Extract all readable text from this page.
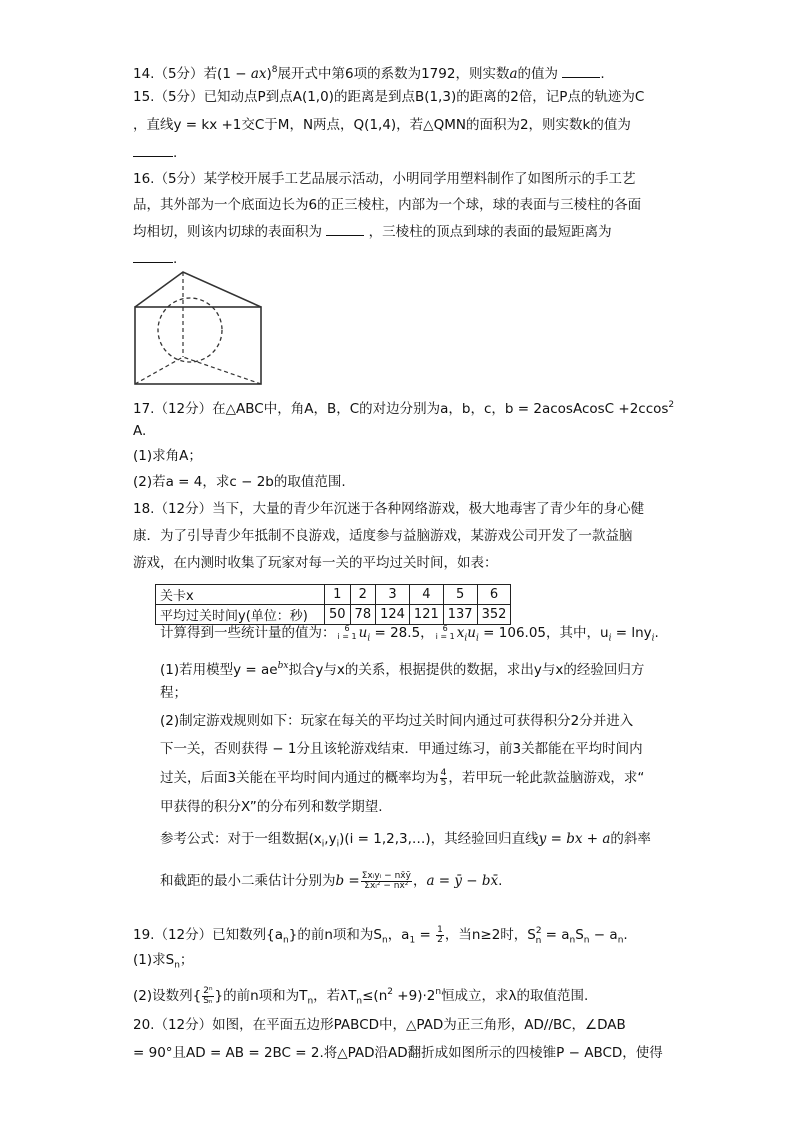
14.（5分）若(1 − ax)$^8$展开式中第6项的系数为1792，则实数a的值为	.
15.（5分）已知动点P到点A(1,0)的距离是到点B(1,3)的距离的2倍，记P点的轨迹为C
，直线y = kx +1交C于M，N两点，Q(1,4)，若△QMN的面积为2，则实数k的值为
.
16.（5分）某学校开展手工艺品展示活动，小明同学用塑料制作了如图所示的手工艺
品，其外部为一个底面边长为6的正三棱柱，内部为一个球，球的表面与三棱柱的各面
均相切，则该内切球的表面积为	，三棱柱的顶点到球的表面的最短距离为
.
17.（12分）在△ABC中，角A，B，C的对边分别为a，b，c，b = 2acosAcosC +2ccos$^2$
A.
(1)求角A；
(2)若a = 4，求c − 2b的取值范围.
18.（12分）当下，大量的青少年沉迷于各种网络游戏，极大地毒害了青少年的身心健
康．为了引导青少年抵制不良游戏，适度参与益脑游戏，某游戏公司开发了一款益脑
游戏，在内测时收集了玩家对每一关的平均过关时间，如表：
关卡x	1	2	3	4	5	6
平均过关时间y(单位：秒)	50	78	124	121	137	352
计算得到一些统计量的值为： 6
i = 1 $u_i = 28.5$， 6
i = 1 $x_iu_i = 106.05$，其中，$u_i = \ln y_i$.
(1)若用模型$y = ae^{bx}$拟合y与x的关系，根据提供的数据，求出y与x的经验回归方
程；
(2)制定游戏规则如下：玩家在每关的平均过关时间内通过可获得积分2分并进入
下一关，否则获得 − 1分且该轮游戏结束．甲通过练习，前3关都能在平均时间内
过关，后面3关能在平均时间内通过的概率均为 $\frac{4}{5}$ ，若甲玩一轮此款益脑游戏，求“
甲获得的积分X”的分布列和数学期望.
参考公式：对于一组数据$(x_i,y_i)(i$ = 1,2,3,…)，其经验回归直线y = bx + a的斜率
和截距的最小二乘估计分别为$b = \frac{\text{Σxᵢyᵢ − nx̄ȳ}}{\text{Σxᵢ² − nx̄²}}$ ，a = ȳ − bx̄.
19.（12分）已知数列$\{a_n\}$的前n项和为$S_n$，$a_1 = \frac{1}{2}$ ，当n≥2时，$S^2_n = a_nS_n - a_n$.
(1)求$S_n$；
(2)设数列{ $\frac{\text{2ⁿ}}{\text{Sₙ}}$ }的前n项和为$T_n$，若$\lambda T_n\le(n^2 +9)\cdot 2^n$恒成立，求λ的取值范围.
20.（12分）如图，在平面五边形PABCD中，△PAD为正三角形，AD//BC，∠DAB
= 90°且AD = AB = 2BC = 2.将△PAD沿AD翻折成如图所示的四棱锥P − ABCD，使得
